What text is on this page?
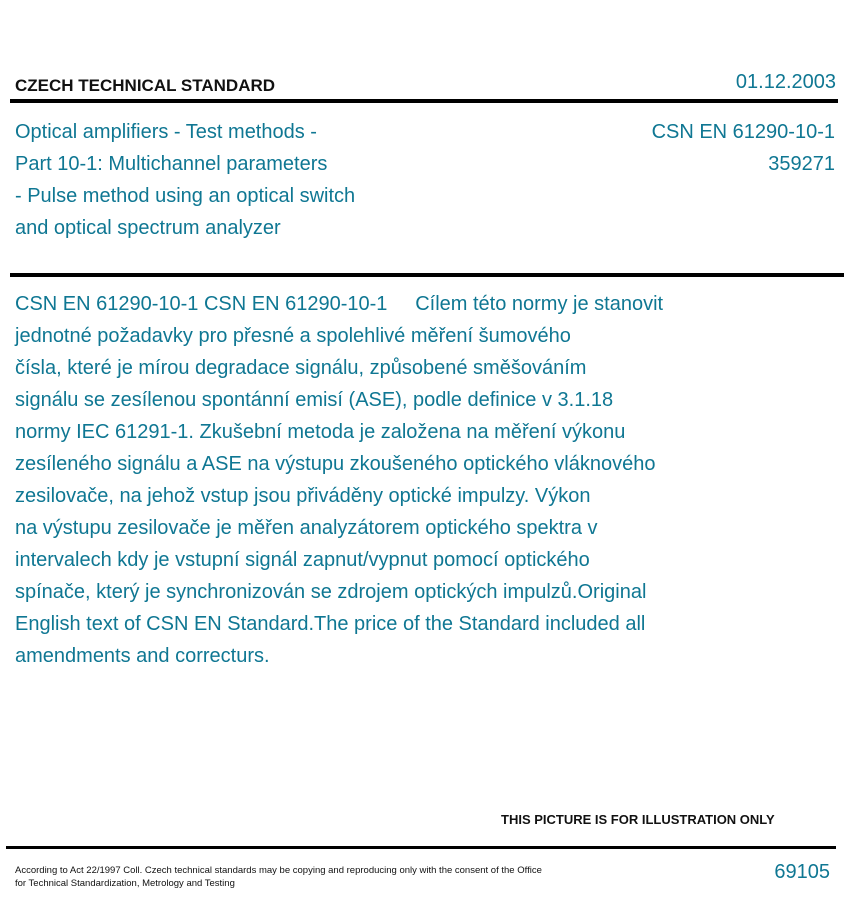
CZECH TECHNICAL STANDARD	01.12.2003
Optical amplifiers - Test methods -
Part 10-1: Multichannel parameters
- Pulse method using an optical switch
and optical spectrum analyzer
CSN EN 61290-10-1
359271
CSN EN 61290-10-1 CSN EN 61290-10-1     Cílem této normy je stanovit
jednotné požadavky pro přesné a spolehlivé měření šumového
čísla, které je mírou degradace signálu, způsobené směšováním
signálu se zesílenou spontánní emisí (ASE), podle definice v 3.1.18
normy IEC 61291-1. Zkušební metoda je založena na měření výkonu
zesíleného signálu a ASE na výstupu zkoušeného optického vláknového
zesilovače, na jehož vstup jsou přiváděny optické impulzy. Výkon
na výstupu zesilovače je měřen analyzátorem optického spektra v
intervalech kdy je vstupní signál zapnut/vypnut pomocí optického
spínače, který je synchronizován se zdrojem optických impulzů.Original
English text of CSN EN Standard.The price of the Standard included all
amendments and correcturs.
THIS PICTURE IS FOR ILLUSTRATION ONLY
According to Act 22/1997 Coll. Czech technical standards may be copying and reproducing only with the consent of the Office
for Technical Standardization, Metrology and Testing
69105
